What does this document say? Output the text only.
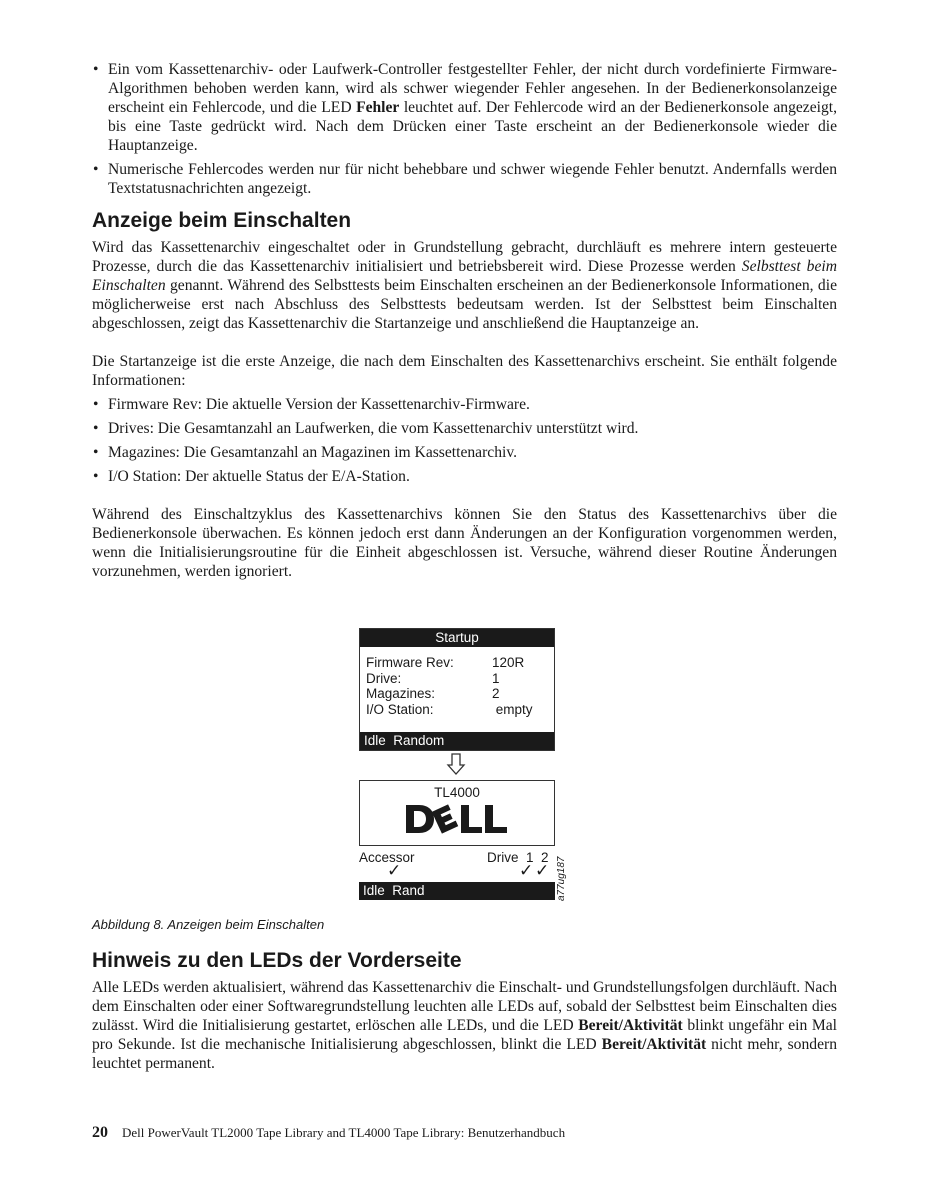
• Ein vom Kassettenarchiv- oder Laufwerk-Controller festgestellter Fehler, der nicht durch vordefinierte Firmware-Algorithmen behoben werden kann, wird als schwer wiegender Fehler angesehen. In der Bedienerkonsolanzeige erscheint ein Fehlercode, und die LED Fehler leuchtet auf. Der Fehlercode wird an der Bedienerkonsole angezeigt, bis eine Taste gedrückt wird. Nach dem Drücken einer Taste erscheint an der Bedienerkonsole wieder die Hauptanzeige.
• Numerische Fehlercodes werden nur für nicht behebbare und schwer wiegende Fehler benutzt. Andernfalls werden Textstatusnachrichten angezeigt.
Anzeige beim Einschalten

Wird das Kassettenarchiv eingeschaltet oder in Grundstellung gebracht, durchläuft es mehrere intern gesteuerte Prozesse, durch die das Kassettenarchiv initialisiert und betriebsbereit wird. Diese Prozesse werden Selbsttest beim Einschalten genannt. Während des Selbsttests beim Einschalten erscheinen an der Bedienerkonsole Informationen, die möglicherweise erst nach Abschluss des Selbsttests bedeutsam werden. Ist der Selbsttest beim Einschalten abgeschlossen, zeigt das Kassettenarchiv die Startanzeige und anschließend die Hauptanzeige an.

Die Startanzeige ist die erste Anzeige, die nach dem Einschalten des Kassettenarchivs erscheint. Sie enthält folgende Informationen:

• Firmware Rev: Die aktuelle Version der Kassettenarchiv-Firmware.
• Drives: Die Gesamtanzahl an Laufwerken, die vom Kassettenarchiv unterstützt wird.
• Magazines: Die Gesamtanzahl an Magazinen im Kassettenarchiv.
• I/O Station: Der aktuelle Status der E/A-Station.

Während des Einschaltzyklus des Kassettenarchivs können Sie den Status des Kassettenarchivs über die Bedienerkonsole überwachen. Es können jedoch erst dann Änderungen an der Konfiguration vorgenommen werden, wenn die Initialisierungsroutine für die Einheit abgeschlossen ist. Versuche, während dieser Routine Änderungen vorzunehmen, werden ignoriert.

Startup
Firmware Rev:	120R
Drive:	1
Magazines:	2
I/O Station:	empty
Idle  Random
TL4000
Accessor	Drive  1  2
✓	✓ ✓
Idle  Rand	a77ug187
Abbildung 8. Anzeigen beim Einschalten
Hinweis zu den LEDs der Vorderseite

Alle LEDs werden aktualisiert, während das Kassettenarchiv die Einschalt- und Grundstellungsfolgen durchläuft. Nach dem Einschalten oder einer Softwaregrundstellung leuchten alle LEDs auf, sobald der Selbsttest beim Einschalten dies zulässt. Wird die Initialisierung gestartet, erlöschen alle LEDs, und die LED Bereit/Aktivität blinkt ungefähr ein Mal pro Sekunde. Ist die mechanische Initialisierung abgeschlossen, blinkt die LED Bereit/Aktivität nicht mehr, sondern leuchtet permanent.

20 Dell PowerVault TL2000 Tape Library and TL4000 Tape Library: Benutzerhandbuch
